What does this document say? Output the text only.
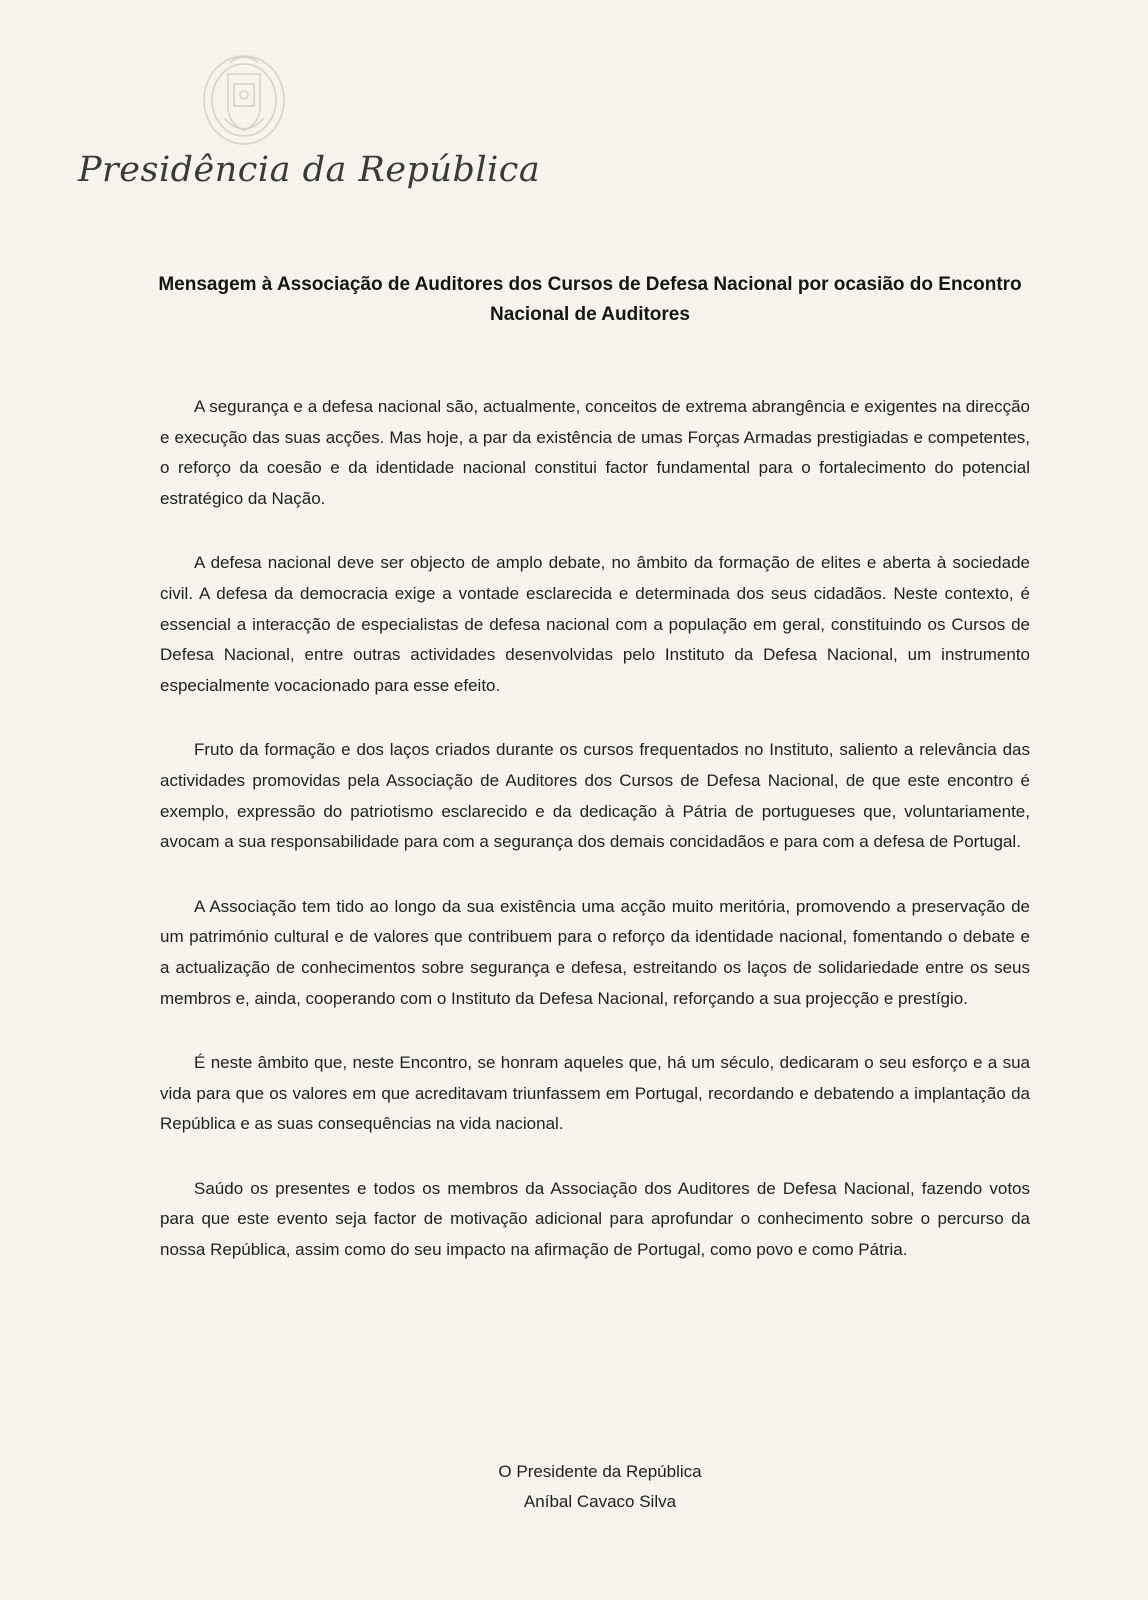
Presidência da República
Mensagem à Associação de Auditores dos Cursos de Defesa Nacional por ocasião do Encontro Nacional de Auditores

A segurança e a defesa nacional são, actualmente, conceitos de extrema abrangência e exigentes na direcção e execução das suas acções. Mas hoje, a par da existência de umas Forças Armadas prestigiadas e competentes, o reforço da coesão e da identidade nacional constitui factor fundamental para o fortalecimento do potencial estratégico da Nação.

A defesa nacional deve ser objecto de amplo debate, no âmbito da formação de elites e aberta à sociedade civil. A defesa da democracia exige a vontade esclarecida e determinada dos seus cidadãos. Neste contexto, é essencial a interacção de especialistas de defesa nacional com a população em geral, constituindo os Cursos de Defesa Nacional, entre outras actividades desenvolvidas pelo Instituto da Defesa Nacional, um instrumento especialmente vocacionado para esse efeito.

Fruto da formação e dos laços criados durante os cursos frequentados no Instituto, saliento a relevância das actividades promovidas pela Associação de Auditores dos Cursos de Defesa Nacional, de que este encontro é exemplo, expressão do patriotismo esclarecido e da dedicação à Pátria de portugueses que, voluntariamente, avocam a sua responsabilidade para com a segurança dos demais concidadãos e para com a defesa de Portugal.

A Associação tem tido ao longo da sua existência uma acção muito meritória, promovendo a preservação de um património cultural e de valores que contribuem para o reforço da identidade nacional, fomentando o debate e a actualização de conhecimentos sobre segurança e defesa, estreitando os laços de solidariedade entre os seus membros e, ainda, cooperando com o Instituto da Defesa Nacional, reforçando a sua projecção e prestígio.

É neste âmbito que, neste Encontro, se honram aqueles que, há um século, dedicaram o seu esforço e a sua vida para que os valores em que acreditavam triunfassem em Portugal, recordando e debatendo a implantação da República e as suas consequências na vida nacional.

Saúdo os presentes e todos os membros da Associação dos Auditores de Defesa Nacional, fazendo votos para que este evento seja factor de motivação adicional para aprofundar o conhecimento sobre o percurso da nossa República, assim como do seu impacto na afirmação de Portugal, como povo e como Pátria.

O Presidente da República
Aníbal Cavaco Silva
